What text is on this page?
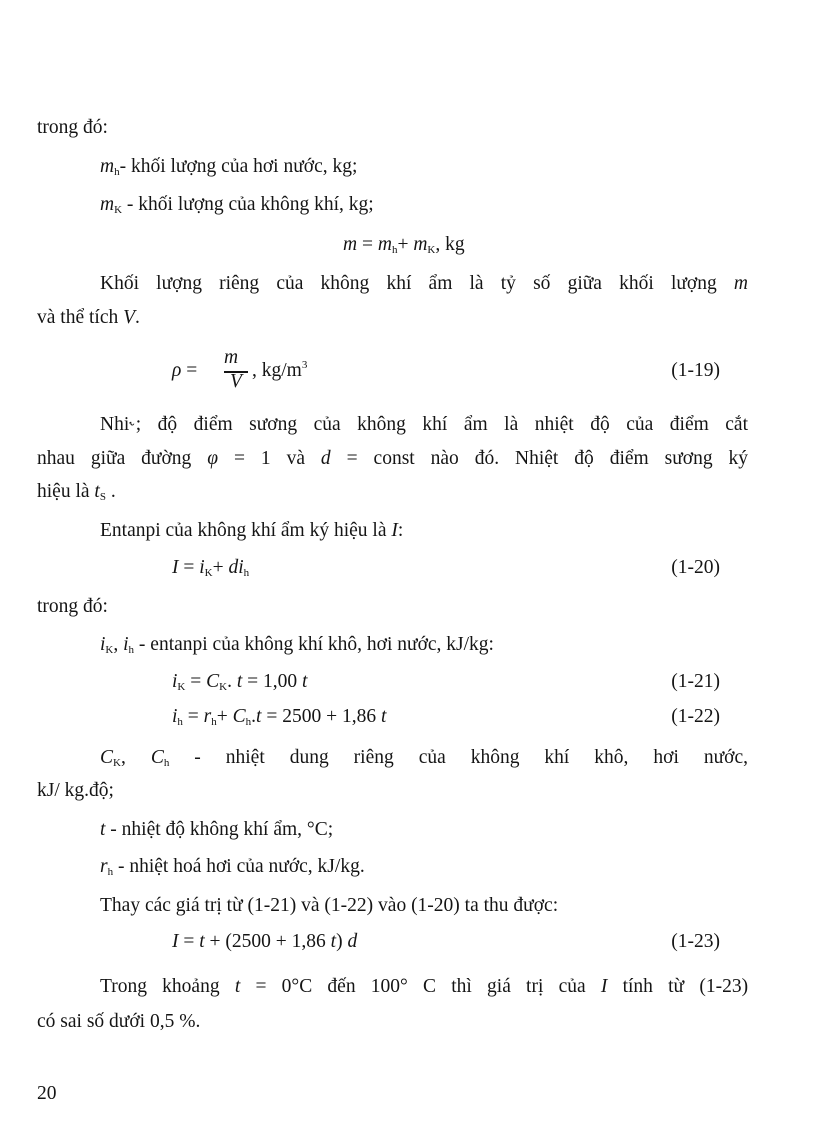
trong đó:
$m_h-$ khối lượng của hơi nước, kg;
$m_K$ - khối lượng của không khí, kg;
$m = m_h+ m_K$, kg
Khối lượng riêng của không khí ẩm là tỷ số giữa khối lượng m
và thể tích V.
ρ =
m
V
, $kg/m^3$	(1-19)
Nhi˞; độ điểm sương của không khí ẩm là nhiệt độ của điểm cắt
nhau giữa đường φ = 1 và d = const nào đó. Nhiệt độ điểm sương ký
hiệu là $t_S$ .
Entanpi của không khí ẩm ký hiệu là I:
$I = i_K+ di_h$	(1-20)
trong đó:
$i_K$, $i_h$ - entanpi của không khí khô, hơi nước, kJ/kg:
$i_K = C_K$. t = 1,00 t	(1-21)
$i_h = r_h+ C_h.t = 2500 + 1,86$ t	(1-22)
$C_K$, $C_h$ - nhiệt dung riêng của không khí khô, hơi nước,
kJ/ kg.độ;
t - nhiệt độ không khí ẩm, °C;
$r_h$ - nhiệt hoá hơi của nước, kJ/kg.
Thay các giá trị từ (1-21) và (1-22) vào (1-20) ta thu được:
I = t + (2500 + 1,86 t) d	(1-23)
Trong khoảng t = 0°C đến 100° C thì giá trị của I tính từ (1-23)
có sai số dưới 0,5 %.
20
